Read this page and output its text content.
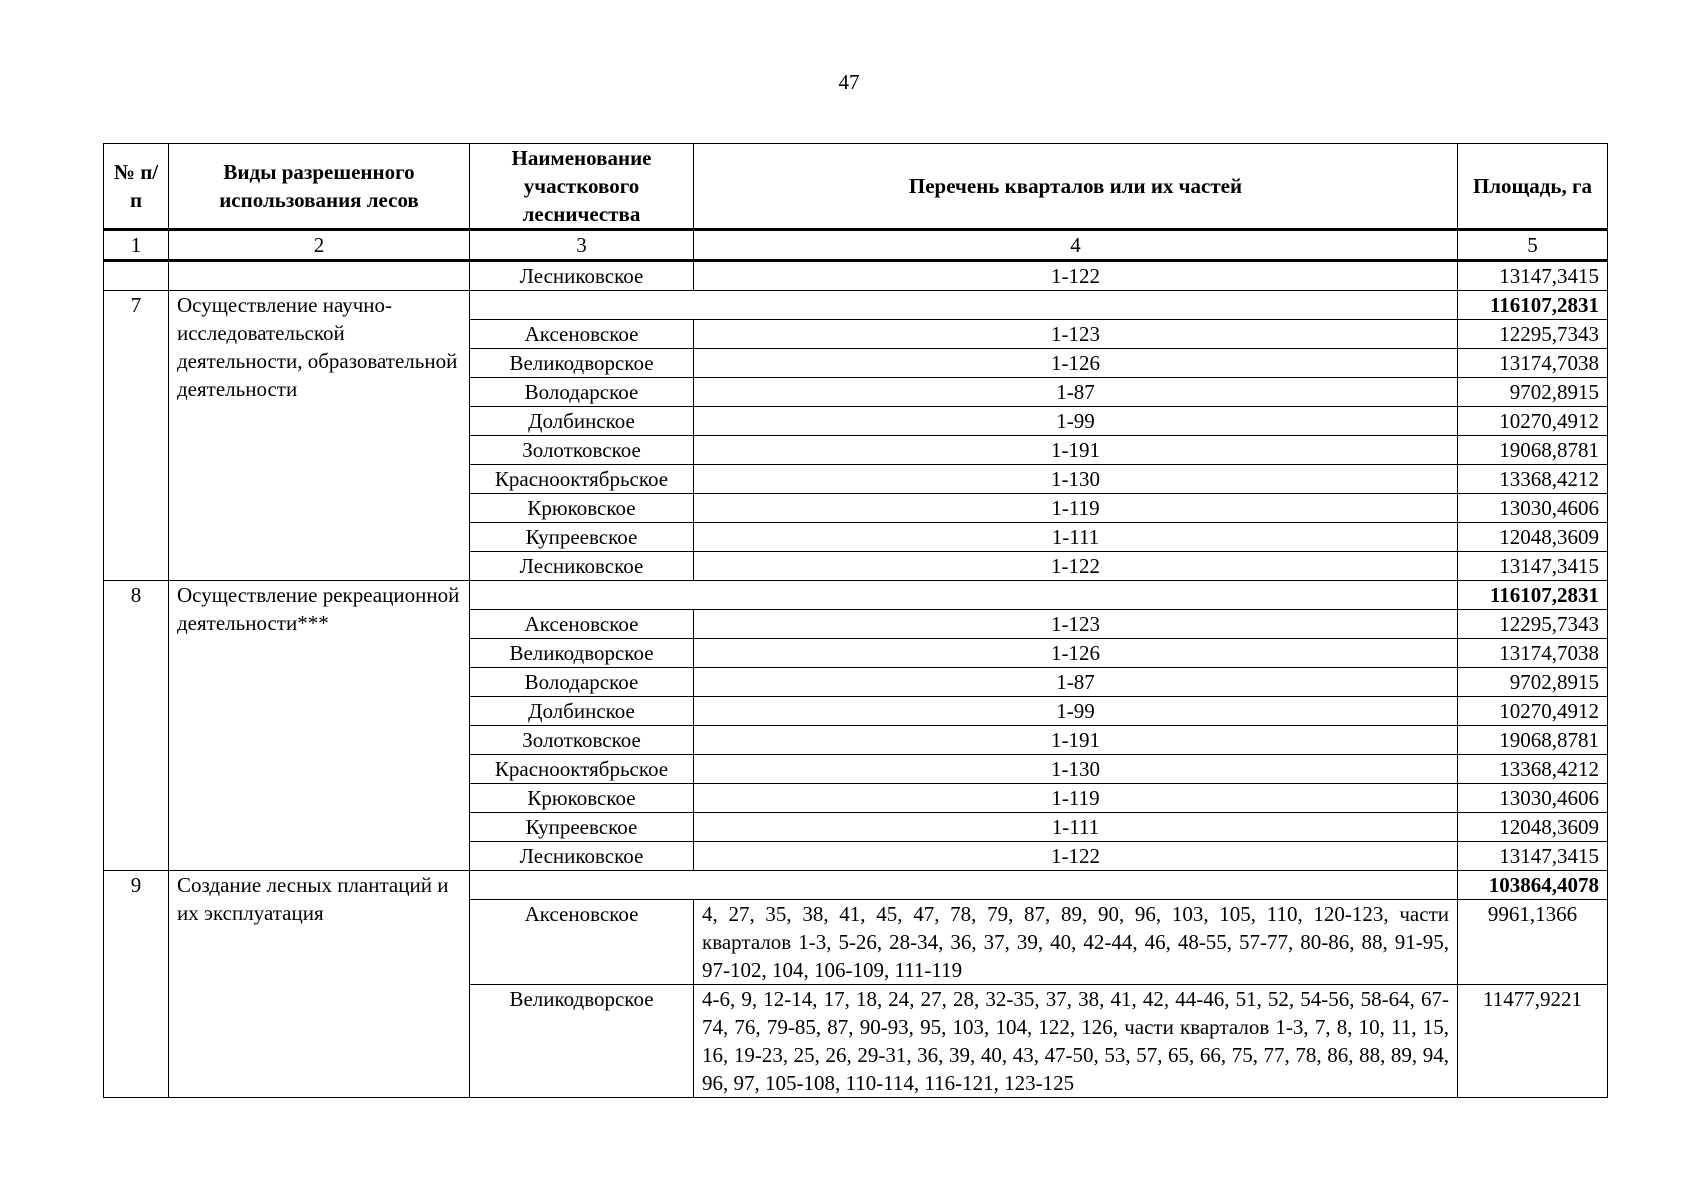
47
№ п/п	Виды разрешенного использования лесов	Наименование участкового лесничества	Перечень кварталов или их частей	Площадь, га
1	2	3	4	5
		Лесниковское	1-122	13147,3415
7	Осуществление научно-исследовательской деятельности, образовательной деятельности			116107,2831
		Аксеновское	1-123	12295,7343
		Великодворское	1-126	13174,7038
		Володарское	1-87	9702,8915
		Долбинское	1-99	10270,4912
		Золотковское	1-191	19068,8781
		Краснооктябрьское	1-130	13368,4212
		Крюковское	1-119	13030,4606
		Купреевское	1-111	12048,3609
		Лесниковское	1-122	13147,3415
8	Осуществление рекреационной деятельности***			116107,2831
		Аксеновское	1-123	12295,7343
		Великодворское	1-126	13174,7038
		Володарское	1-87	9702,8915
		Долбинское	1-99	10270,4912
		Золотковское	1-191	19068,8781
		Краснооктябрьское	1-130	13368,4212
		Крюковское	1-119	13030,4606
		Купреевское	1-111	12048,3609
		Лесниковское	1-122	13147,3415
9	Создание лесных плантаций и их эксплуатация			103864,4078
		Аксеновское	4, 27, 35, 38, 41, 45, 47, 78, 79, 87, 89, 90, 96, 103, 105, 110, 120-123, части кварталов 1-3, 5-26, 28-34, 36, 37, 39, 40, 42-44, 46, 48-55, 57-77, 80-86, 88, 91-95, 97-102, 104, 106-109, 111-119	9961,1366
		Великодворское	4-6, 9, 12-14, 17, 18, 24, 27, 28, 32-35, 37, 38, 41, 42, 44-46, 51, 52, 54-56, 58-64, 67-74, 76, 79-85, 87, 90-93, 95, 103, 104, 122, 126, части кварталов 1-3, 7, 8, 10, 11, 15, 16, 19-23, 25, 26, 29-31, 36, 39, 40, 43, 47-50, 53, 57, 65, 66, 75, 77, 78, 86, 88, 89, 94, 96, 97, 105-108, 110-114, 116-121, 123-125	11477,9221
